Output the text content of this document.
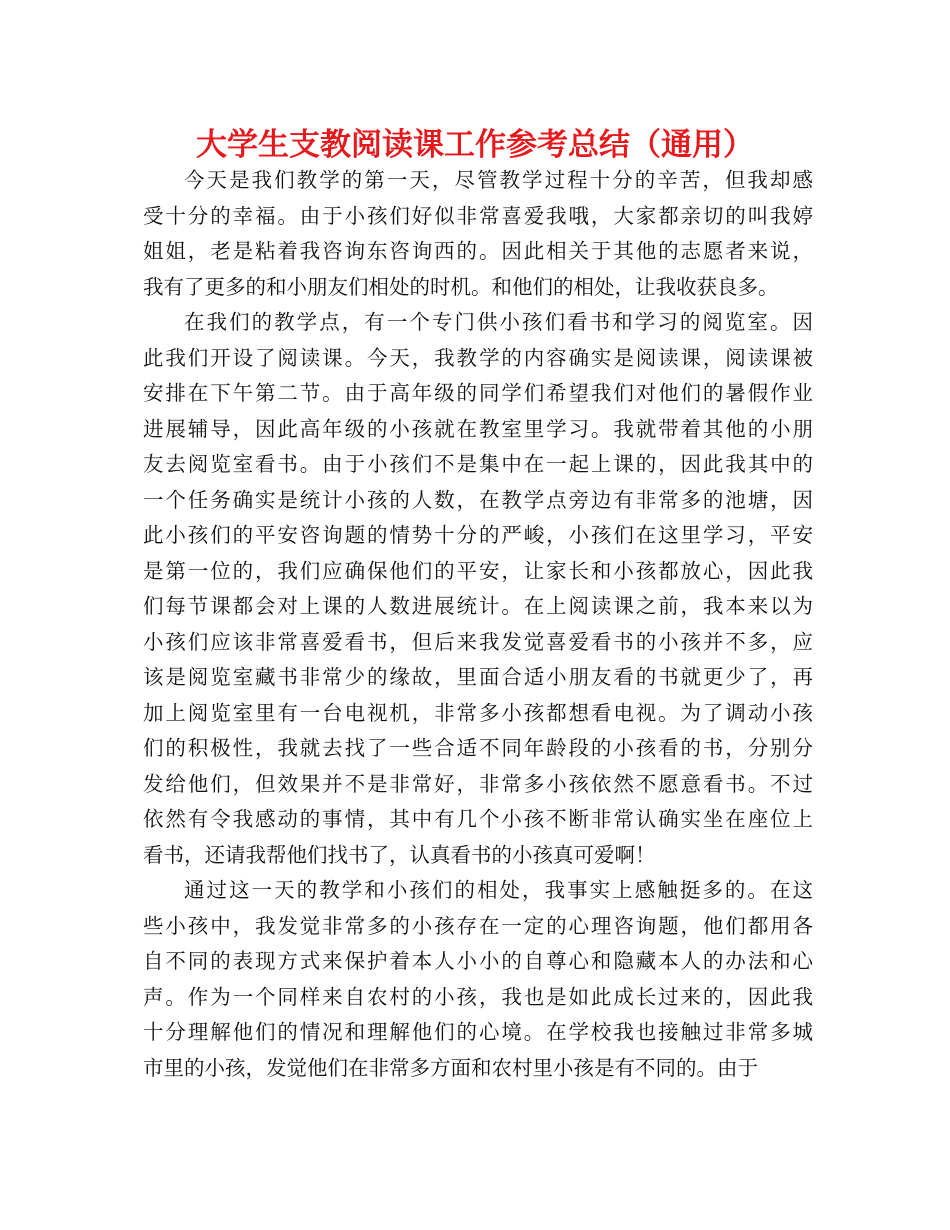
大学生支教阅读课工作参考总结（通用）

今天是我们教学的第一天，尽管教学过程十分的辛苦，但我却感
受十分的幸福。由于小孩们好似非常喜爱我哦，大家都亲切的叫我婷
姐姐，老是粘着我咨询东咨询西的。因此相关于其他的志愿者来说，
我有了更多的和小朋友们相处的时机。和他们的相处，让我收获良多。

在我们的教学点，有一个专门供小孩们看书和学习的阅览室。因
此我们开设了阅读课。今天，我教学的内容确实是阅读课，阅读课被
安排在下午第二节。由于高年级的同学们希望我们对他们的暑假作业
进展辅导，因此高年级的小孩就在教室里学习。我就带着其他的小朋
友去阅览室看书。由于小孩们不是集中在一起上课的，因此我其中的
一个任务确实是统计小孩的人数，在教学点旁边有非常多的池塘，因
此小孩们的平安咨询题的情势十分的严峻，小孩们在这里学习，平安
是第一位的，我们应确保他们的平安，让家长和小孩都放心，因此我
们每节课都会对上课的人数进展统计。在上阅读课之前，我本来以为
小孩们应该非常喜爱看书，但后来我发觉喜爱看书的小孩并不多，应
该是阅览室藏书非常少的缘故，里面合适小朋友看的书就更少了，再
加上阅览室里有一台电视机，非常多小孩都想看电视。为了调动小孩
们的积极性，我就去找了一些合适不同年龄段的小孩看的书，分别分
发给他们，但效果并不是非常好，非常多小孩依然不愿意看书。不过
依然有令我感动的事情，其中有几个小孩不断非常认确实坐在座位上
看书，还请我帮他们找书了，认真看书的小孩真可爱啊！

通过这一天的教学和小孩们的相处，我事实上感触挺多的。在这
些小孩中，我发觉非常多的小孩存在一定的心理咨询题，他们都用各
自不同的表现方式来保护着本人小小的自尊心和隐藏本人的办法和心
声。作为一个同样来自农村的小孩，我也是如此成长过来的，因此我
十分理解他们的情况和理解他们的心境。在学校我也接触过非常多城
市里的小孩，发觉他们在非常多方面和农村里小孩是有不同的。由于
